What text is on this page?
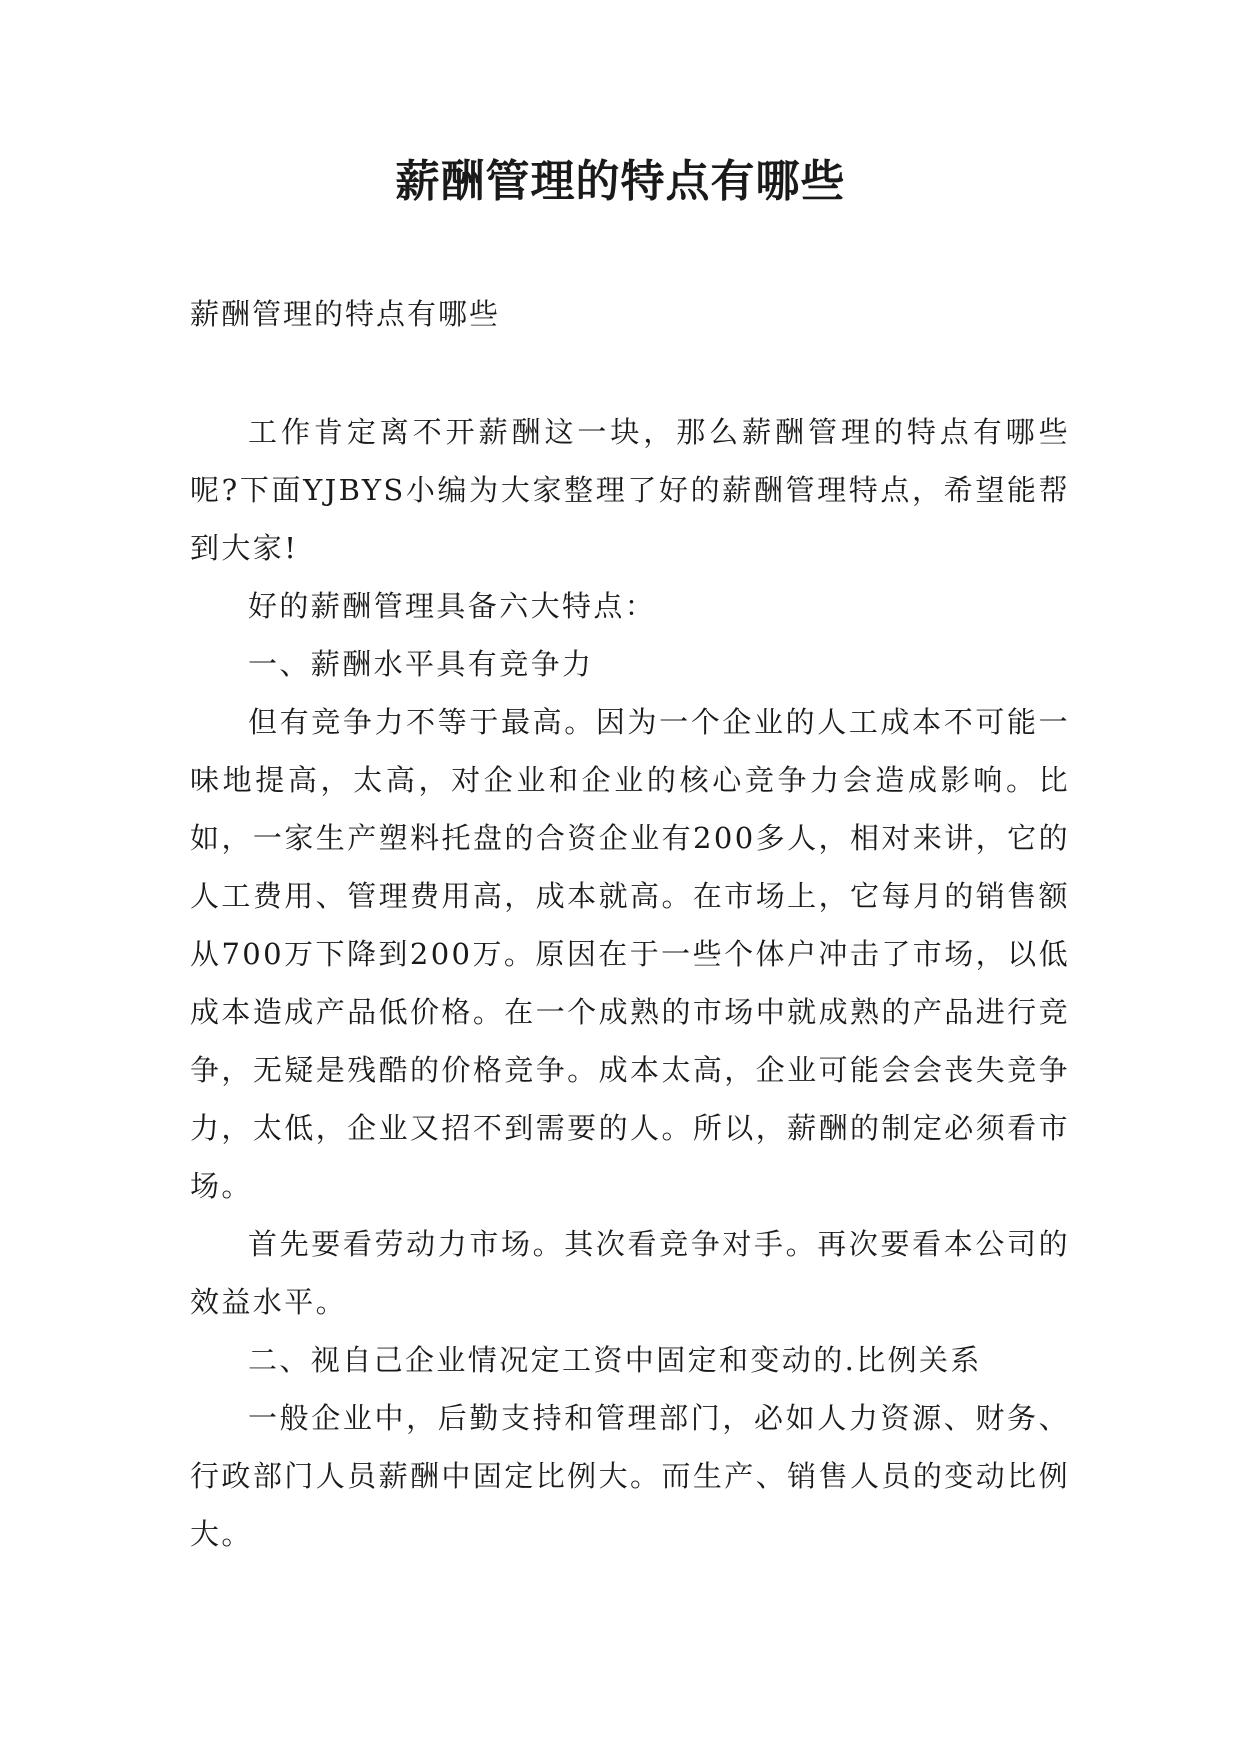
薪酬管理的特点有哪些
薪酬管理的特点有哪些

工作肯定离不开薪酬这一块，那么薪酬管理的特点有哪些呢?下面YJBYS小编为大家整理了好的薪酬管理特点，希望能帮到大家!

好的薪酬管理具备六大特点：

一、薪酬水平具有竞争力

但有竞争力不等于最高。因为一个企业的人工成本不可能一味地提高，太高，对企业和企业的核心竞争力会造成影响。比如，一家生产塑料托盘的合资企业有200多人，相对来讲，它的人工费用、管理费用高，成本就高。在市场上，它每月的销售额从700万下降到200万。原因在于一些个体户冲击了市场，以低成本造成产品低价格。在一个成熟的市场中就成熟的产品进行竞争，无疑是残酷的价格竞争。成本太高，企业可能会会丧失竞争力，太低，企业又招不到需要的人。所以，薪酬的制定必须看市场。

首先要看劳动力市场。其次看竞争对手。再次要看本公司的效益水平。

二、视自己企业情况定工资中固定和变动的.比例关系

一般企业中，后勤支持和管理部门，必如人力资源、财务、行政部门人员薪酬中固定比例大。而生产、销售人员的变动比例大。
